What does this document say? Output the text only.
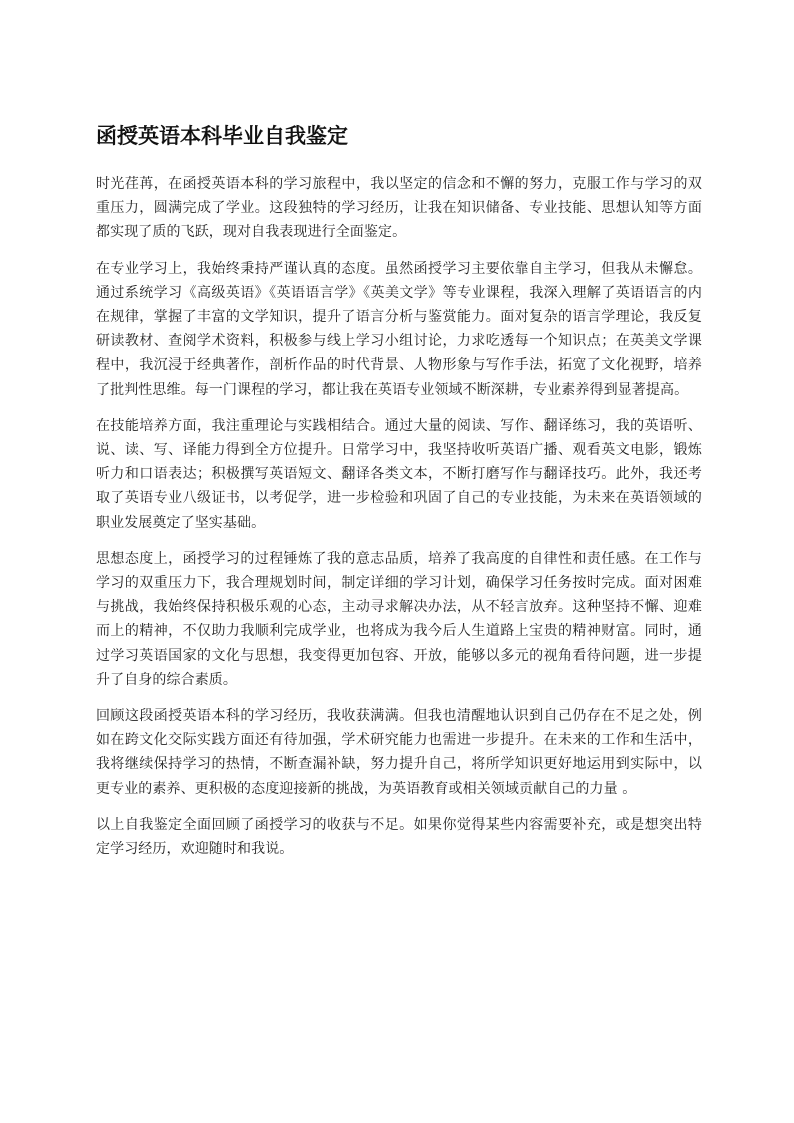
函授英语本科毕业自我鉴定

时光荏苒，在函授英语本科的学习旅程中，我以坚定的信念和不懈的努力，克服工作与学习的双重压力，圆满完成了学业。这段独特的学习经历，让我在知识储备、专业技能、思想认知等方面都实现了质的飞跃，现对自我表现进行全面鉴定。

在专业学习上，我始终秉持严谨认真的态度。虽然函授学习主要依靠自主学习，但我从未懈怠。通过系统学习《高级英语》《英语语言学》《英美文学》等专业课程，我深入理解了英语语言的内在规律，掌握了丰富的文学知识，提升了语言分析与鉴赏能力。面对复杂的语言学理论，我反复研读教材、查阅学术资料，积极参与线上学习小组讨论，力求吃透每一个知识点；在英美文学课程中，我沉浸于经典著作，剖析作品的时代背景、人物形象与写作手法，拓宽了文化视野，培养了批判性思维。每一门课程的学习，都让我在英语专业领域不断深耕，专业素养得到显著提高。

在技能培养方面，我注重理论与实践相结合。通过大量的阅读、写作、翻译练习，我的英语听、说、读、写、译能力得到全方位提升。日常学习中，我坚持收听英语广播、观看英文电影，锻炼听力和口语表达；积极撰写英语短文、翻译各类文本，不断打磨写作与翻译技巧。此外，我还考取了英语专业八级证书，以考促学，进一步检验和巩固了自己的专业技能，为未来在英语领域的职业发展奠定了坚实基础。

思想态度上，函授学习的过程锤炼了我的意志品质，培养了我高度的自律性和责任感。在工作与学习的双重压力下，我合理规划时间，制定详细的学习计划，确保学习任务按时完成。面对困难与挑战，我始终保持积极乐观的心态，主动寻求解决办法，从不轻言放弃。这种坚持不懈、迎难而上的精神，不仅助力我顺利完成学业，也将成为我今后人生道路上宝贵的精神财富。同时，通过学习英语国家的文化与思想，我变得更加包容、开放，能够以多元的视角看待问题，进一步提升了自身的综合素质。

回顾这段函授英语本科的学习经历，我收获满满。但我也清醒地认识到自己仍存在不足之处，例如在跨文化交际实践方面还有待加强，学术研究能力也需进一步提升。在未来的工作和生活中，我将继续保持学习的热情，不断查漏补缺，努力提升自己，将所学知识更好地运用到实际中，以更专业的素养、更积极的态度迎接新的挑战，为英语教育或相关领域贡献自己的力量 。

以上自我鉴定全面回顾了函授学习的收获与不足。如果你觉得某些内容需要补充，或是想突出特定学习经历，欢迎随时和我说。
